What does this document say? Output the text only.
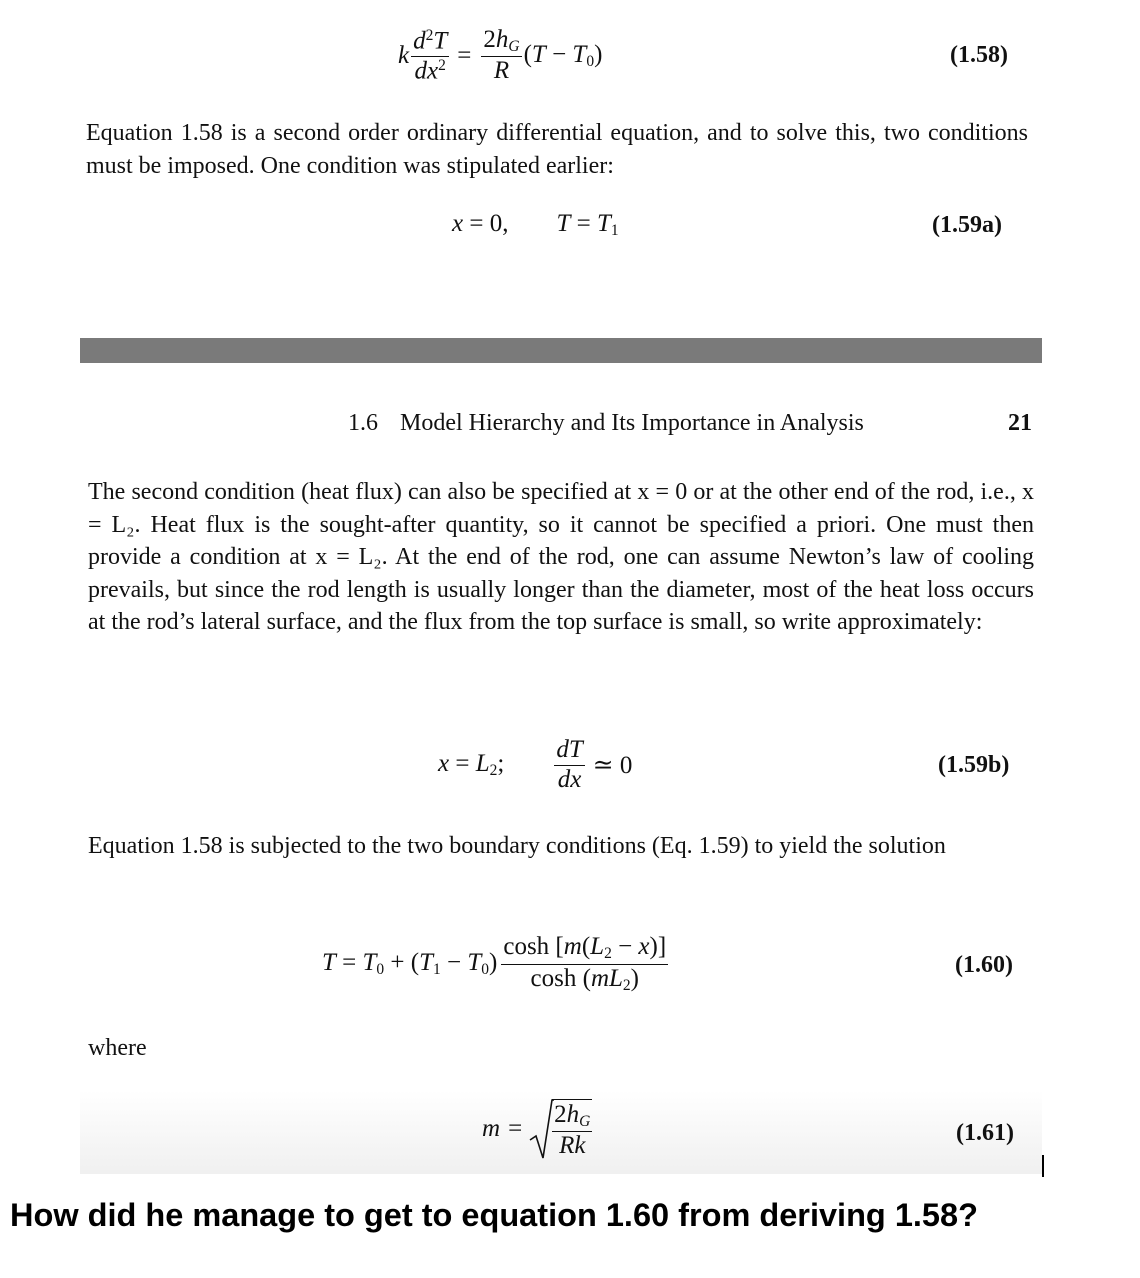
k $\frac{d^2T}{dx^2} = \frac{2h_G}{R} (T - T_0)$	(1.58)

Equation 1.58 is a second order ordinary differential equation, and to solve this, two conditions must be imposed. One condition was stipulated earlier:

x = 0, $T = T_1$	(1.59a)
1.6 Model Hierarchy and Its Importance in Analysis	21

The second condition (heat flux) can also be specified at x = 0 or at the other end of the rod, i.e., x = L₂. Heat flux is the sought-after quantity, so it cannot be specified a priori. One must then provide a condition at x = L₂. At the end of the rod, one can assume Newton’s law of cooling prevails, but since the rod length is usually longer than the diameter, most of the heat loss occurs at the rod’s lateral surface, and the flux from the top surface is small, so write approximately:

$x = L_2$; $\frac{dT}{dx}$ ≃ 0	(1.59b)

Equation 1.58 is subjected to the two boundary conditions (Eq. 1.59) to yield the solution

$T = T_0 + (T_1 - T_0) \frac{\cosh [m(L_2 - x)]}{\cosh (mL_2)}$	(1.60)
where
$m = \frac{2h_G}{Rk}$	(1.61)
How did he manage to get to equation 1.60 from deriving 1.58?
